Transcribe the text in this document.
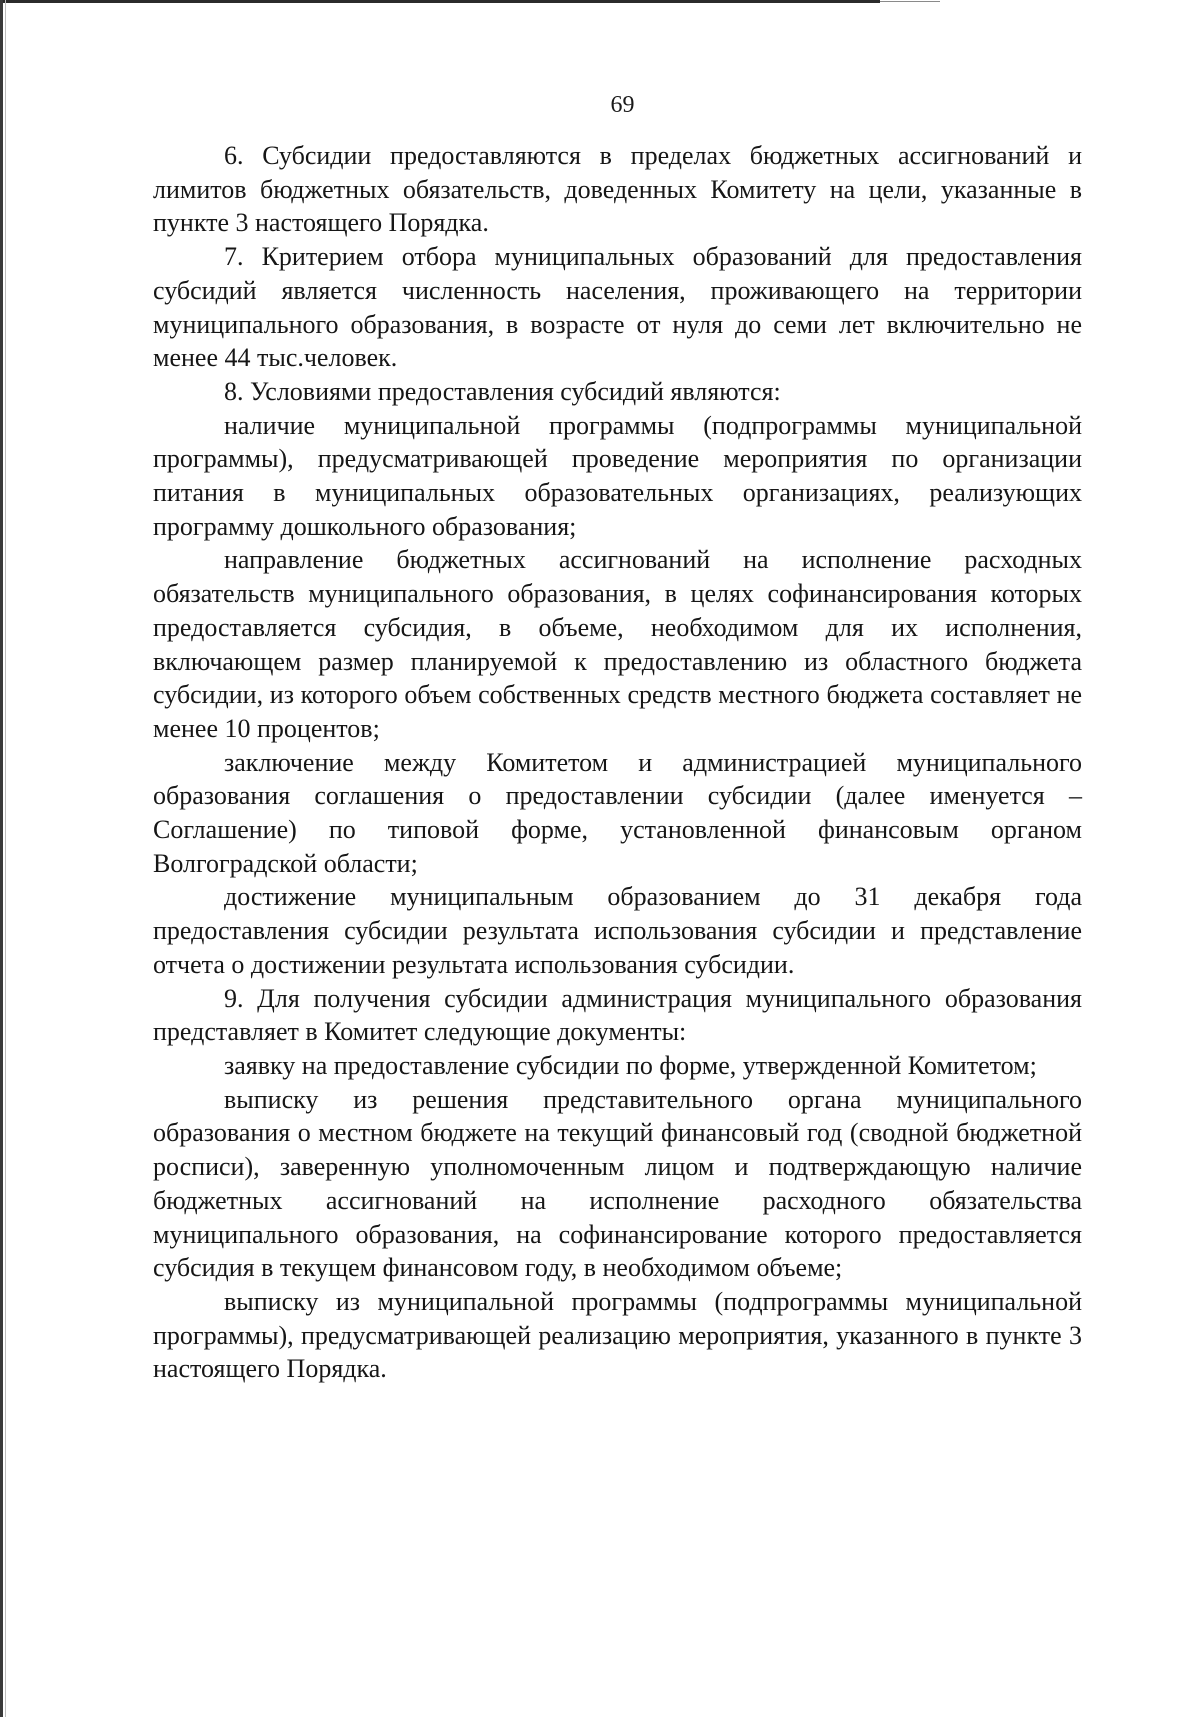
69

6. Субсидии предоставляются в пределах бюджетных ассигнований и лимитов бюджетных обязательств, доведенных Комитету на цели, указанные в пункте 3 настоящего Порядка.

7. Критерием отбора муниципальных образований для предоставления субсидий является численность населения, проживающего на территории муниципального образования, в возрасте от нуля до семи лет включительно не менее 44 тыс.человек.

8. Условиями предоставления субсидий являются:

наличие муниципальной программы (подпрограммы муниципальной программы), предусматривающей проведение мероприятия по организации питания в муниципальных образовательных организациях, реализующих программу дошкольного образования;

направление бюджетных ассигнований на исполнение расходных обязательств муниципального образования, в целях софинансирования которых предоставляется субсидия, в объеме, необходимом для их исполнения, включающем размер планируемой к предоставлению из областного бюджета субсидии, из которого объем собственных средств местного бюджета составляет не менее 10 процентов;

заключение между Комитетом и администрацией муниципального образования соглашения о предоставлении субсидии (далее именуется – Соглашение) по типовой форме, установленной финансовым органом Волгоградской области;

достижение муниципальным образованием до 31 декабря года предоставления субсидии результата использования субсидии и представление отчета о достижении результата использования субсидии.

9. Для получения субсидии администрация муниципального образования представляет в Комитет следующие документы:

заявку на предоставление субсидии по форме, утвержденной Комитетом;

выписку из решения представительного органа муниципального образования о местном бюджете на текущий финансовый год (сводной бюджетной росписи), заверенную уполномоченным лицом и подтверждающую наличие бюджетных ассигнований на исполнение расходного обязательства муниципального образования, на софинансирование которого предоставляется субсидия в текущем финансовом году, в необходимом объеме;

выписку из муниципальной программы (подпрограммы муниципальной программы), предусматривающей реализацию мероприятия, указанного в пункте 3 настоящего Порядка.
